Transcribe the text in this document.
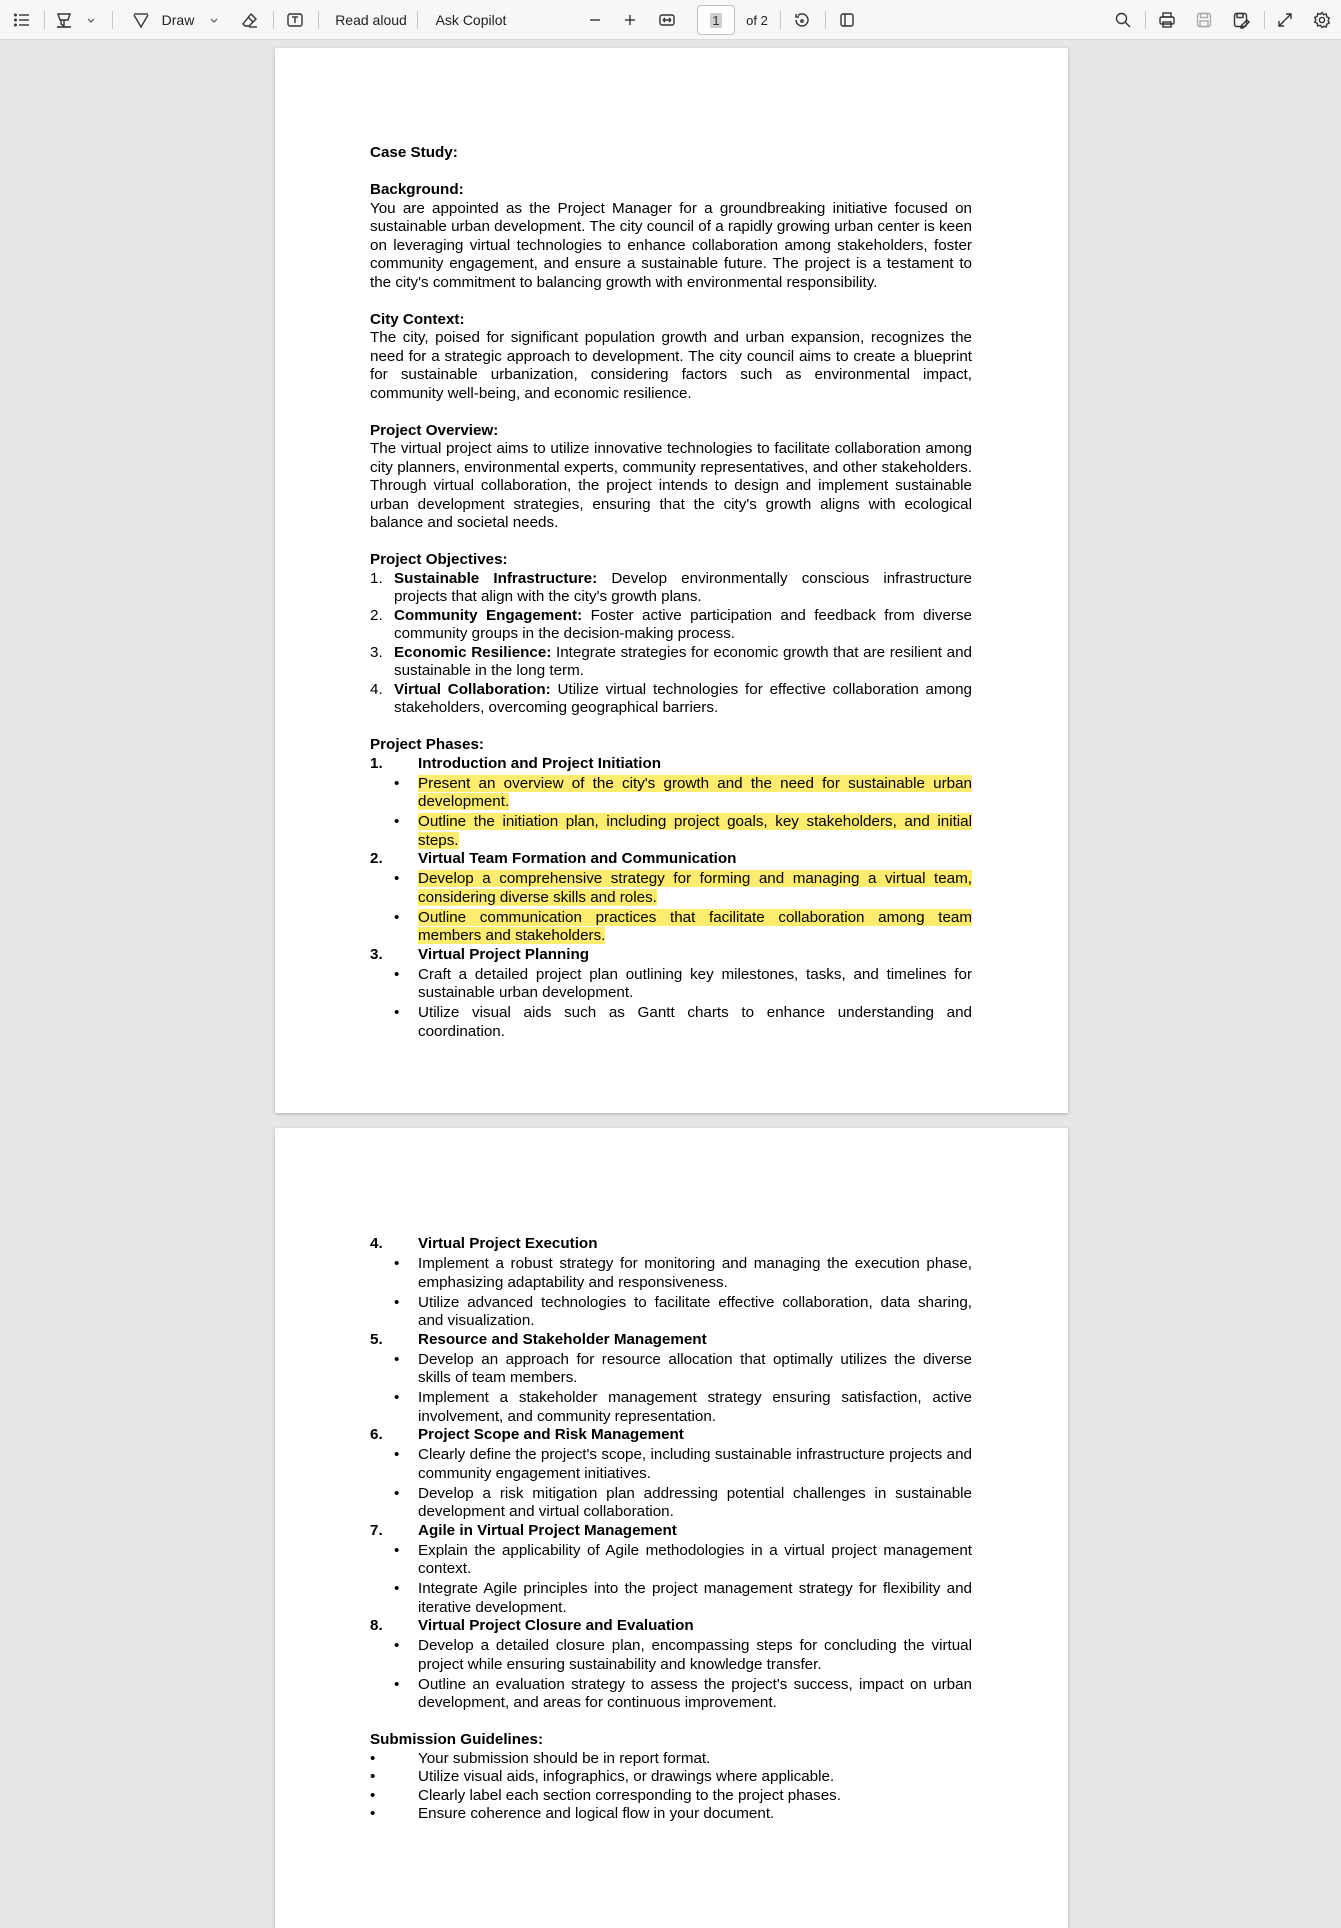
Draw	Read aloud Ask Copilot	1 of 2
Case Study:
Background:
You are appointed as the Project Manager for a groundbreaking initiative focused on sustainable urban development. The city council of a rapidly growing urban center is keen on leveraging virtual technologies to enhance collaboration among stakeholders, foster community engagement, and ensure a sustainable future. The project is a testament to the city's commitment to balancing growth with environmental responsibility.
City Context:
The city, poised for significant population growth and urban expansion, recognizes the need for a strategic approach to development. The city council aims to create a blueprint for sustainable urbanization, considering factors such as environmental impact, community well-being, and economic resilience.
Project Overview:
The virtual project aims to utilize innovative technologies to facilitate collaboration among city planners, environmental experts, community representatives, and other stakeholders. Through virtual collaboration, the project intends to design and implement sustainable urban development strategies, ensuring that the city's growth aligns with ecological balance and societal needs.
Project Objectives:
1. Sustainable Infrastructure: Develop environmentally conscious infrastructure projects that align with the city's growth plans.
2. Community Engagement: Foster active participation and feedback from diverse community groups in the decision-making process.
3. Economic Resilience: Integrate strategies for economic growth that are resilient and sustainable in the long term.
4. Virtual Collaboration: Utilize virtual technologies for effective collaboration among stakeholders, overcoming geographical barriers.
Project Phases:
1.	Introduction and Project Initiation
•	Present an overview of the city's growth and the need for sustainable urban development.
•	Outline the initiation plan, including project goals, key stakeholders, and initial steps.
2.	Virtual Team Formation and Communication
•	Develop a comprehensive strategy for forming and managing a virtual team, considering diverse skills and roles.
•	Outline communication practices that facilitate collaboration among team members and stakeholders.
3.	Virtual Project Planning
•	Craft a detailed project plan outlining key milestones, tasks, and timelines for sustainable urban development.
•	Utilize visual aids such as Gantt charts to enhance understanding and coordination.
4.	Virtual Project Execution
•	Implement a robust strategy for monitoring and managing the execution phase, emphasizing adaptability and responsiveness.
•	Utilize advanced technologies to facilitate effective collaboration, data sharing, and visualization.
5.	Resource and Stakeholder Management
•	Develop an approach for resource allocation that optimally utilizes the diverse skills of team members.
•	Implement a stakeholder management strategy ensuring satisfaction, active involvement, and community representation.
6.	Project Scope and Risk Management
•	Clearly define the project's scope, including sustainable infrastructure projects and community engagement initiatives.
•	Develop a risk mitigation plan addressing potential challenges in sustainable development and virtual collaboration.
7.	Agile in Virtual Project Management
•	Explain the applicability of Agile methodologies in a virtual project management context.
•	Integrate Agile principles into the project management strategy for flexibility and iterative development.
8.	Virtual Project Closure and Evaluation
•	Develop a detailed closure plan, encompassing steps for concluding the virtual project while ensuring sustainability and knowledge transfer.
•	Outline an evaluation strategy to assess the project's success, impact on urban development, and areas for continuous improvement.
Submission Guidelines:
•	Your submission should be in report format.
•	Utilize visual aids, infographics, or drawings where applicable.
•	Clearly label each section corresponding to the project phases.
•	Ensure coherence and logical flow in your document.
